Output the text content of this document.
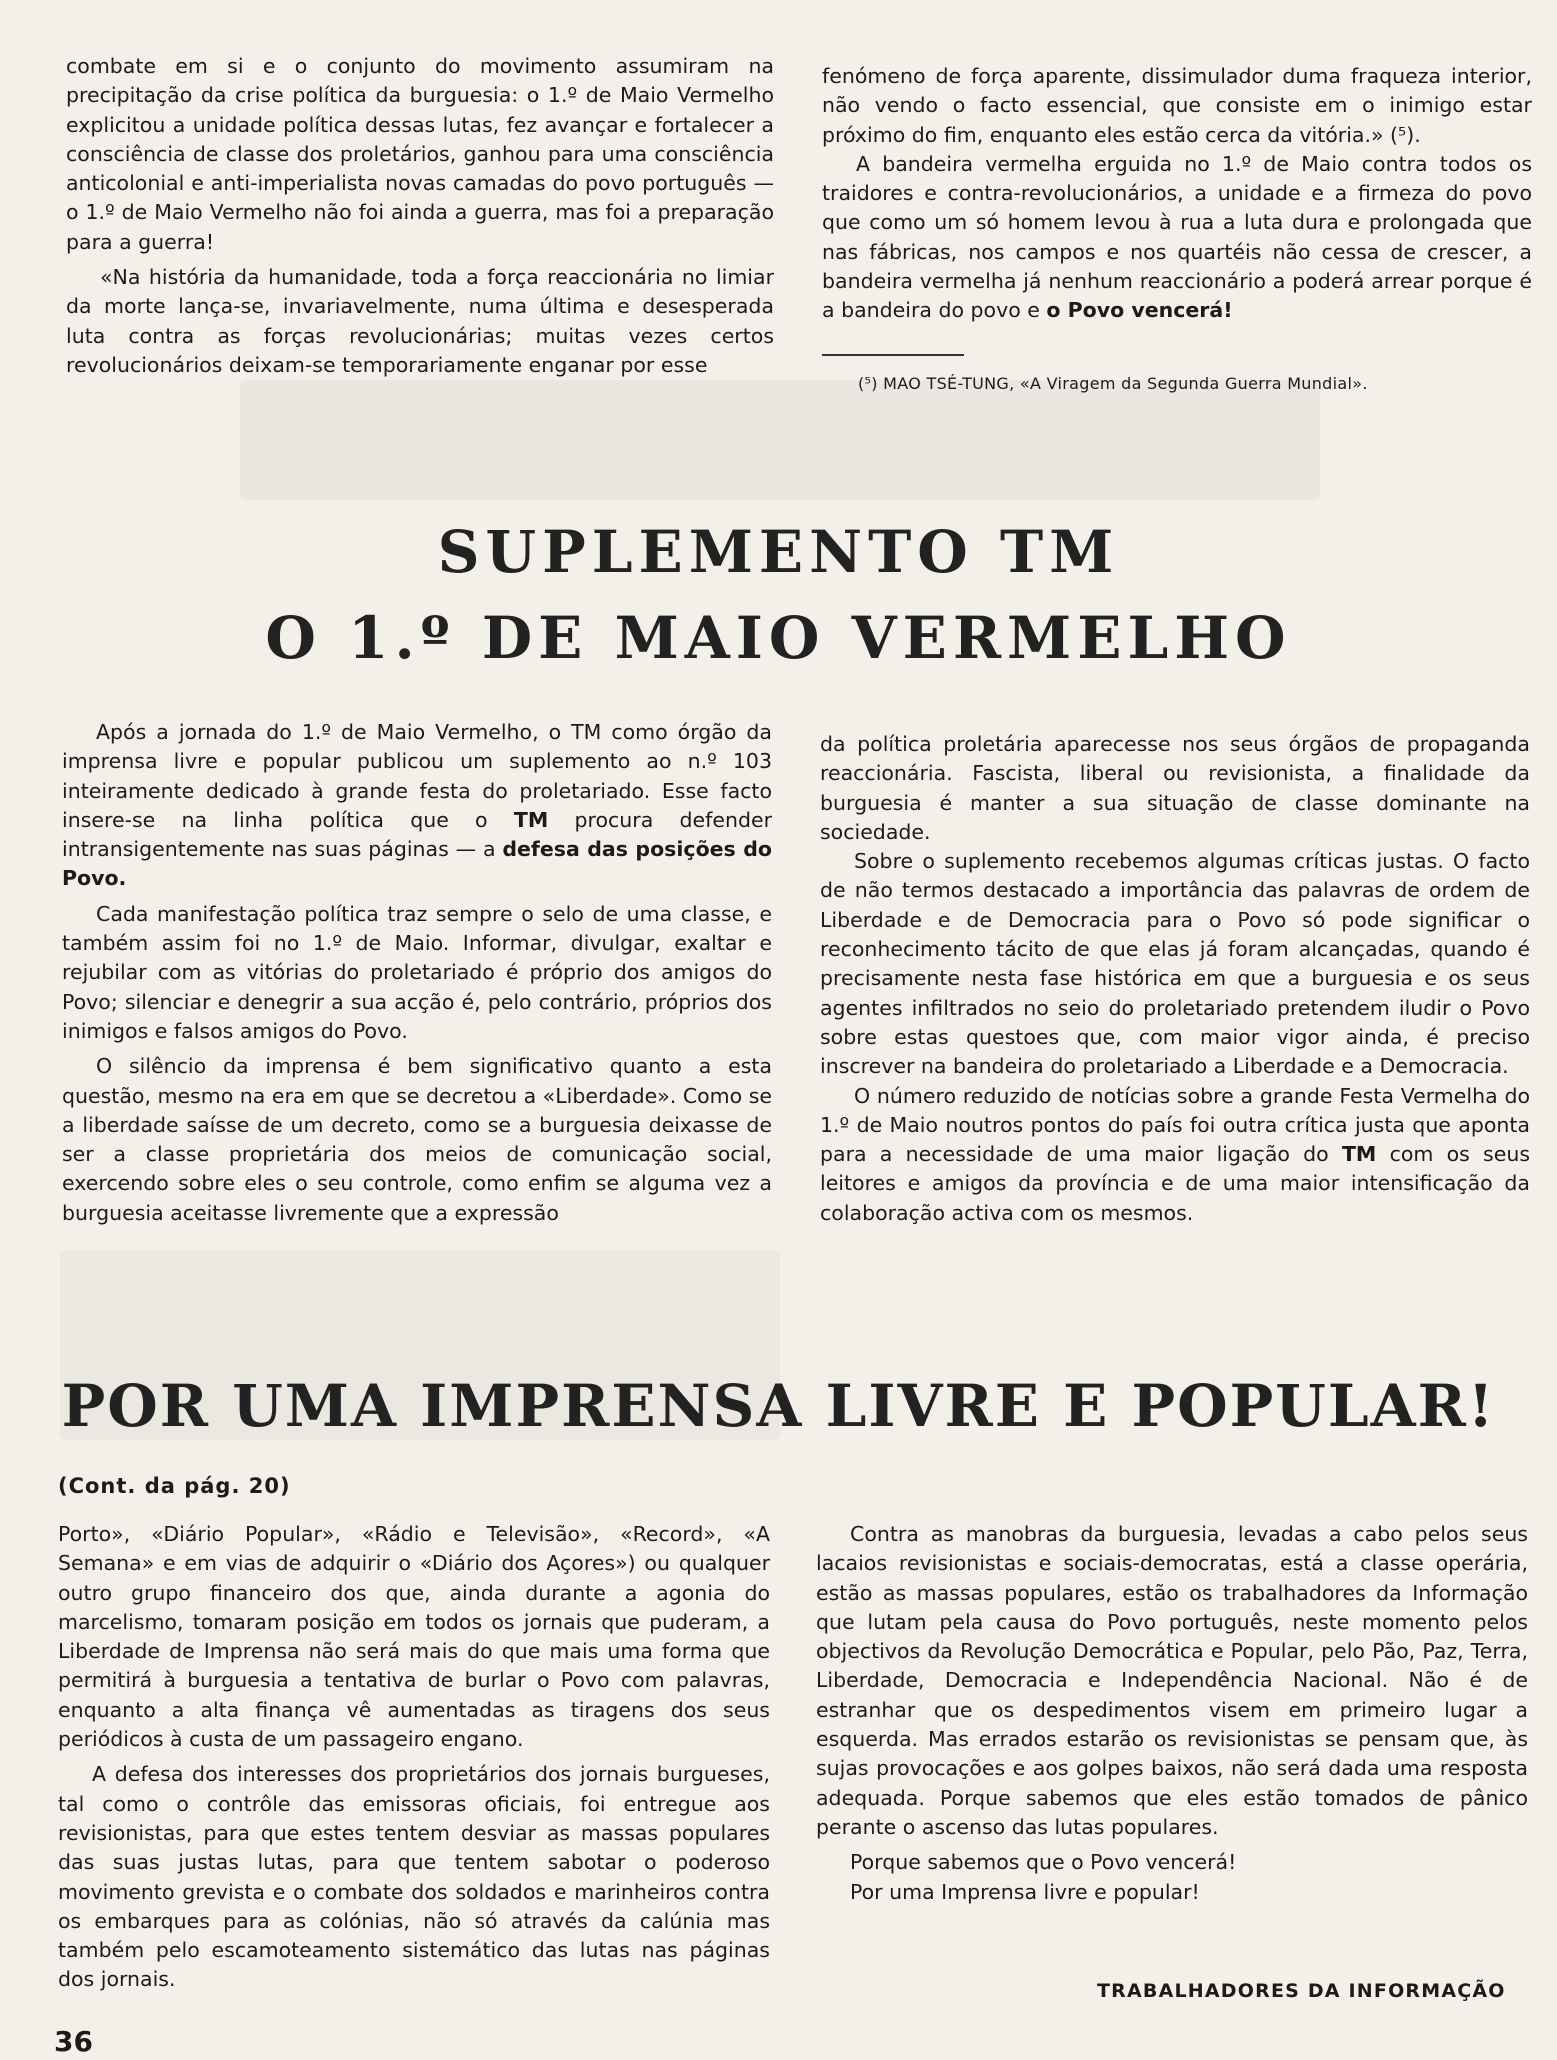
combate em si e o conjunto do movimento assumiram na precipitação da crise política da burguesia: o 1.º de Maio Vermelho explicitou a unidade política dessas lutas, fez avançar e fortalecer a consciência de classe dos proletários, ganhou para uma consciência anticolonial e anti-imperialista novas camadas do povo português — o 1.º de Maio Vermelho não foi ainda a guerra, mas foi a preparação para a guerra!

«Na história da humanidade, toda a força reaccionária no limiar da morte lança-se, invariavelmente, numa última e desesperada luta contra as forças revolucionárias; muitas vezes certos revolucionários deixam-se temporariamente enganar por esse

fenómeno de força aparente, dissimulador duma fraqueza interior, não vendo o facto essencial, que consiste em o inimigo estar próximo do fim, enquanto eles estão cerca da vitória.» (⁵).

A bandeira vermelha erguida no 1.º de Maio contra todos os traidores e contra-revolucionários, a unidade e a firmeza do povo que como um só homem levou à rua a luta dura e prolongada que nas fábricas, nos campos e nos quartéis não cessa de crescer, a bandeira vermelha já nenhum reaccionário a poderá arrear porque é a bandeira do povo e o Povo vencerá!

(⁵) MAO TSÉ-TUNG, «A Viragem da Segunda Guerra Mundial».
SUPLEMENTO TM
O 1.º DE MAIO VERMELHO

Após a jornada do 1.º de Maio Vermelho, o TM como órgão da imprensa livre e popular publicou um suplemento ao n.º 103 inteiramente dedicado à grande festa do proletariado. Esse facto insere-se na linha política que o TM procura defender intransigentemente nas suas páginas — a defesa das posições do Povo.

Cada manifestação política traz sempre o selo de uma classe, e também assim foi no 1.º de Maio. Informar, divulgar, exaltar e rejubilar com as vitórias do proletariado é próprio dos amigos do Povo; silenciar e denegrir a sua acção é, pelo contrário, próprios dos inimigos e falsos amigos do Povo.

O silêncio da imprensa é bem significativo quanto a esta questão, mesmo na era em que se decretou a «Liberdade». Como se a liberdade saísse de um decreto, como se a burguesia deixasse de ser a classe proprietária dos meios de comunicação social, exercendo sobre eles o seu controle, como enfim se alguma vez a burguesia aceitasse livremente que a expressão

da política proletária aparecesse nos seus órgãos de propaganda reaccionária. Fascista, liberal ou revisionista, a finalidade da burguesia é manter a sua situação de classe dominante na sociedade.

Sobre o suplemento recebemos algumas críticas justas. O facto de não termos destacado a importância das palavras de ordem de Liberdade e de Democracia para o Povo só pode significar o reconhecimento tácito de que elas já foram alcançadas, quando é precisamente nesta fase histórica em que a burguesia e os seus agentes infiltrados no seio do proletariado pretendem iludir o Povo sobre estas questoes que, com maior vigor ainda, é preciso inscrever na bandeira do proletariado a Liberdade e a Democracia.

O número reduzido de notícias sobre a grande Festa Vermelha do 1.º de Maio noutros pontos do país foi outra crítica justa que aponta para a necessidade de uma maior ligação do TM com os seus leitores e amigos da província e de uma maior intensificação da colaboração activa com os mesmos.

POR UMA IMPRENSA LIVRE E POPULAR!
(Cont. da pág. 20)

Porto», «Diário Popular», «Rádio e Televisão», «Record», «A Semana» e em vias de adquirir o «Diário dos Açores») ou qualquer outro grupo financeiro dos que, ainda durante a agonia do marcelismo, tomaram posição em todos os jornais que puderam, a Liberdade de Imprensa não será mais do que mais uma forma que permitirá à burguesia a tentativa de burlar o Povo com palavras, enquanto a alta finança vê aumentadas as tiragens dos seus periódicos à custa de um passageiro engano.

A defesa dos interesses dos proprietários dos jornais burgueses, tal como o contrôle das emissoras oficiais, foi entregue aos revisionistas, para que estes tentem desviar as massas populares das suas justas lutas, para que tentem sabotar o poderoso movimento grevista e o combate dos soldados e marinheiros contra os embarques para as colónias, não só através da calúnia mas também pelo escamoteamento sistemático das lutas nas páginas dos jornais.

Contra as manobras da burguesia, levadas a cabo pelos seus lacaios revisionistas e sociais-democratas, está a classe operária, estão as massas populares, estão os trabalhadores da Informação que lutam pela causa do Povo português, neste momento pelos objectivos da Revolução Democrática e Popular, pelo Pão, Paz, Terra, Liberdade, Democracia e Independência Nacional. Não é de estranhar que os despedimentos visem em primeiro lugar a esquerda. Mas errados estarão os revisionistas se pensam que, às sujas provocações e aos golpes baixos, não será dada uma resposta adequada. Porque sabemos que eles estão tomados de pânico perante o ascenso das lutas populares.

Porque sabemos que o Povo vencerá!

Por uma Imprensa livre e popular!

TRABALHADORES DA INFORMAÇÃO
36
